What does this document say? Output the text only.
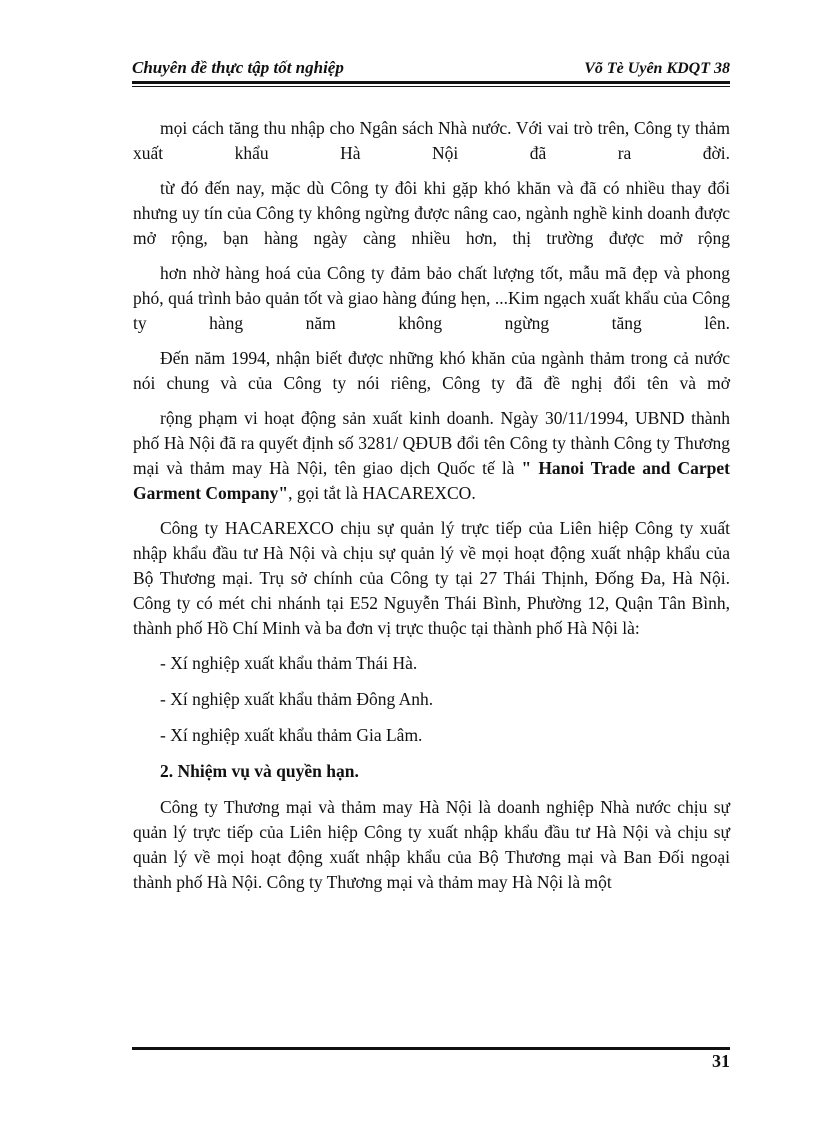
Chuyên đề thực tập tốt nghiệp	Võ Tè Uyên KDQT 38

mọi cách tăng thu nhập cho Ngân sách Nhà nước. Với vai trò trên, Công ty thảm xuất khẩu Hà Nội đã ra đời.

từ đó đến nay, mặc dù Công ty đôi khi gặp khó khăn và đã có nhiều thay đổi nhưng uy tín của Công ty không ngừng được nâng cao, ngành nghề kinh doanh được mở rộng, bạn hàng ngày càng nhiều hơn, thị trường được mở rộng

hơn nhờ hàng hoá của Công ty đảm bảo chất lượng tốt, mẫu mã đẹp và phong phó, quá trình bảo quản tốt và giao hàng đúng hẹn, ...Kim ngạch xuất khẩu của Công ty hàng năm không ngừng tăng lên.

Đến năm 1994, nhận biết được những khó khăn của ngành thảm trong cả nước nói chung và của Công ty nói riêng, Công ty đã đề nghị đổi tên và mở

rộng phạm vi hoạt động sản xuất kinh doanh. Ngày 30/11/1994, UBND thành phố Hà Nội đã ra quyết định số 3281/ QĐUB đổi tên Công ty thành Công ty Thương mại và thảm may Hà Nội, tên giao dịch Quốc tế là " Hanoi Trade and Carpet Garment Company", gọi tắt là HACAREXCO.

Công ty HACAREXCO chịu sự quản lý trực tiếp của Liên hiệp Công ty xuất nhập khẩu đầu tư Hà Nội và chịu sự quản lý về mọi hoạt động xuất nhập khẩu của Bộ Thương mại. Trụ sở chính của Công ty tại 27 Thái Thịnh, Đống Đa, Hà Nội. Công ty có mét chi nhánh tại E52 Nguyễn Thái Bình, Phường 12, Quận Tân Bình, thành phố Hồ Chí Minh và ba đơn vị trực thuộc tại thành phố Hà Nội là:

- Xí nghiệp xuất khẩu thảm Thái Hà.
- Xí nghiệp xuất khẩu thảm Đông Anh.
- Xí nghiệp xuất khẩu thảm Gia Lâm.
2. Nhiệm vụ và quyền hạn.

Công ty Thương mại và thảm may Hà Nội là doanh nghiệp Nhà nước chịu sự quản lý trực tiếp của Liên hiệp Công ty xuất nhập khẩu đầu tư Hà Nội và chịu sự quản lý về mọi hoạt động xuất nhập khẩu của Bộ Thương mại và Ban Đối ngoại thành phố Hà Nội. Công ty Thương mại và thảm may Hà Nội là một

31
